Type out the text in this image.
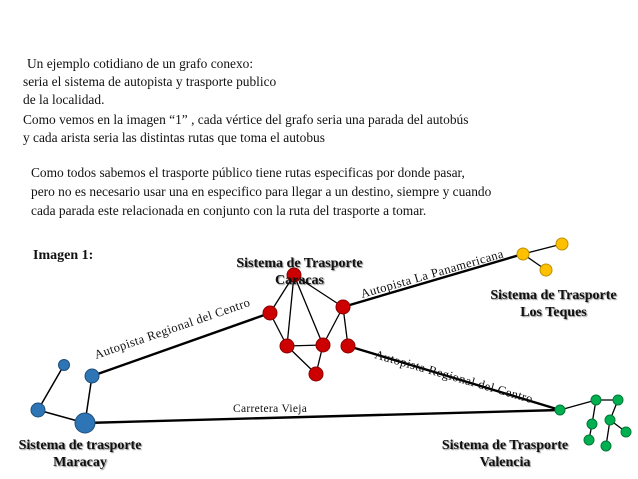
Un ejemplo cotidiano de un grafo conexo:

seria el sistema de autopista y trasporte publico

de la localidad.

Como vemos en la imagen “1” , cada vértice del grafo seria una parada del autobús

y cada arista seria las distintas rutas que toma el autobus

Como todos sabemos el trasporte público tiene rutas especificas por donde pasar,

pero no es necesario usar una en especifico para llegar a un destino, siempre y cuando

cada parada este relacionada en conjunto con la ruta del trasporte a tomar.

Imagen 1:
Autopista Regional del Centro
Autopista La Panamericana
Autopista Regional del Centro
Carretera Vieja
Sistema de Trasporte
Caracas
Sistema de Trasporte
Los Teques
Sistema de trasporte
Maracay
Sistema de Trasporte
Valencia
